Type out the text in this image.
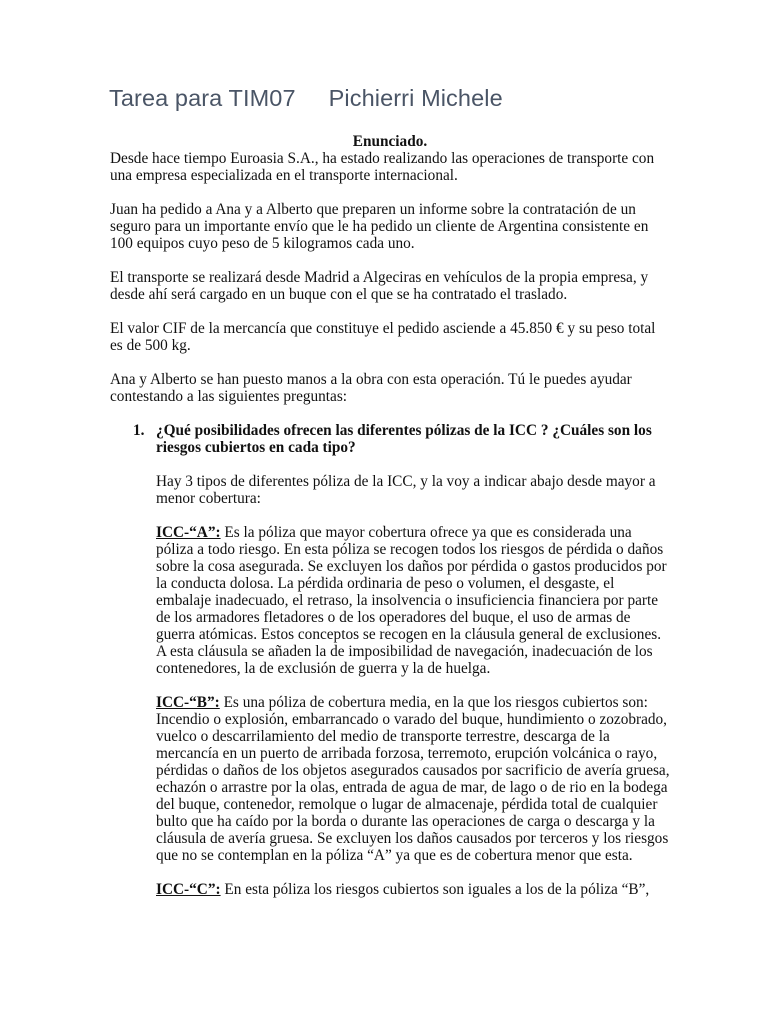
Tarea para TIM07 Pichierri Michele

Enunciado.

Desde hace tiempo Euroasia S.A., ha estado realizando las operaciones de transporte con una empresa especializada en el transporte internacional.

Juan ha pedido a Ana y a Alberto que preparen un informe sobre la contratación de un seguro para un importante envío que le ha pedido un cliente de Argentina consistente en 100 equipos cuyo peso de 5 kilogramos cada uno.

El transporte se realizará desde Madrid a Algeciras en vehículos de la propia empresa, y desde ahí será cargado en un buque con el que se ha contratado el traslado.

El valor CIF de la mercancía que constituye el pedido asciende a 45.850 € y su peso total es de 500 kg.

Ana y Alberto se han puesto manos a la obra con esta operación. Tú le puedes ayudar contestando a las siguientes preguntas:

1. ¿Qué posibilidades ofrecen las diferentes pólizas de la ICC ? ¿Cuáles son los riesgos cubiertos en cada tipo?

Hay 3 tipos de diferentes póliza de la ICC, y la voy a indicar abajo desde mayor a menor cobertura:

ICC-“A”: Es la póliza que mayor cobertura ofrece ya que es considerada una póliza a todo riesgo. En esta póliza se recogen todos los riesgos de pérdida o daños sobre la cosa asegurada. Se excluyen los daños por pérdida o gastos producidos por la conducta dolosa. La pérdida ordinaria de peso o volumen, el desgaste, el embalaje inadecuado, el retraso, la insolvencia o insuficiencia financiera por parte de los armadores fletadores o de los operadores del buque, el uso de armas de guerra atómicas. Estos conceptos se recogen en la cláusula general de exclusiones. A esta cláusula se añaden la de imposibilidad de navegación, inadecuación de los contenedores, la de exclusión de guerra y la de huelga.

ICC-“B”: Es una póliza de cobertura media, en la que los riesgos cubiertos son: Incendio o explosión, embarrancado o varado del buque, hundimiento o zozobrado, vuelco o descarrilamiento del medio de transporte terrestre, descarga de la mercancía en un puerto de arribada forzosa, terremoto, erupción volcánica o rayo, pérdidas o daños de los objetos asegurados causados por sacrificio de avería gruesa, echazón o arrastre por la olas, entrada de agua de mar, de lago o de rio en la bodega del buque, contenedor, remolque o lugar de almacenaje, pérdida total de cualquier bulto que ha caído por la borda o durante las operaciones de carga o descarga y la cláusula de avería gruesa. Se excluyen los daños causados por terceros y los riesgos que no se contemplan en la póliza “A” ya que es de cobertura menor que esta.

ICC-“C”: En esta póliza los riesgos cubiertos son iguales a los de la póliza “B”,
